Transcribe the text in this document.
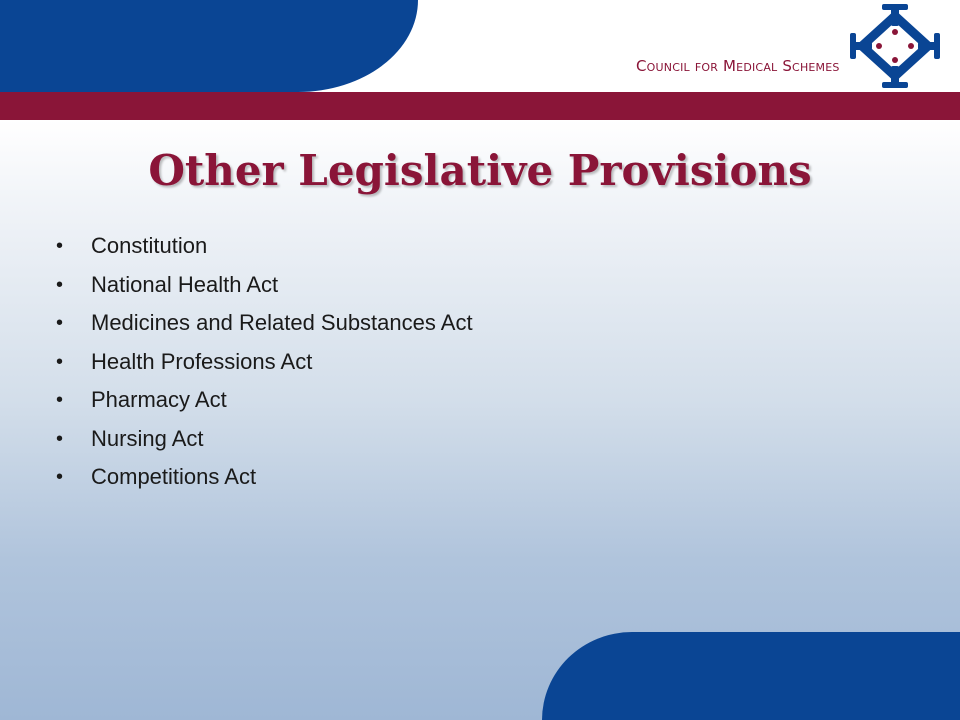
Council for Medical Schemes
Other Legislative Provisions
• Constitution
• National Health Act
• Medicines and Related Substances Act
• Health Professions Act
• Pharmacy Act
• Nursing Act
• Competitions Act
